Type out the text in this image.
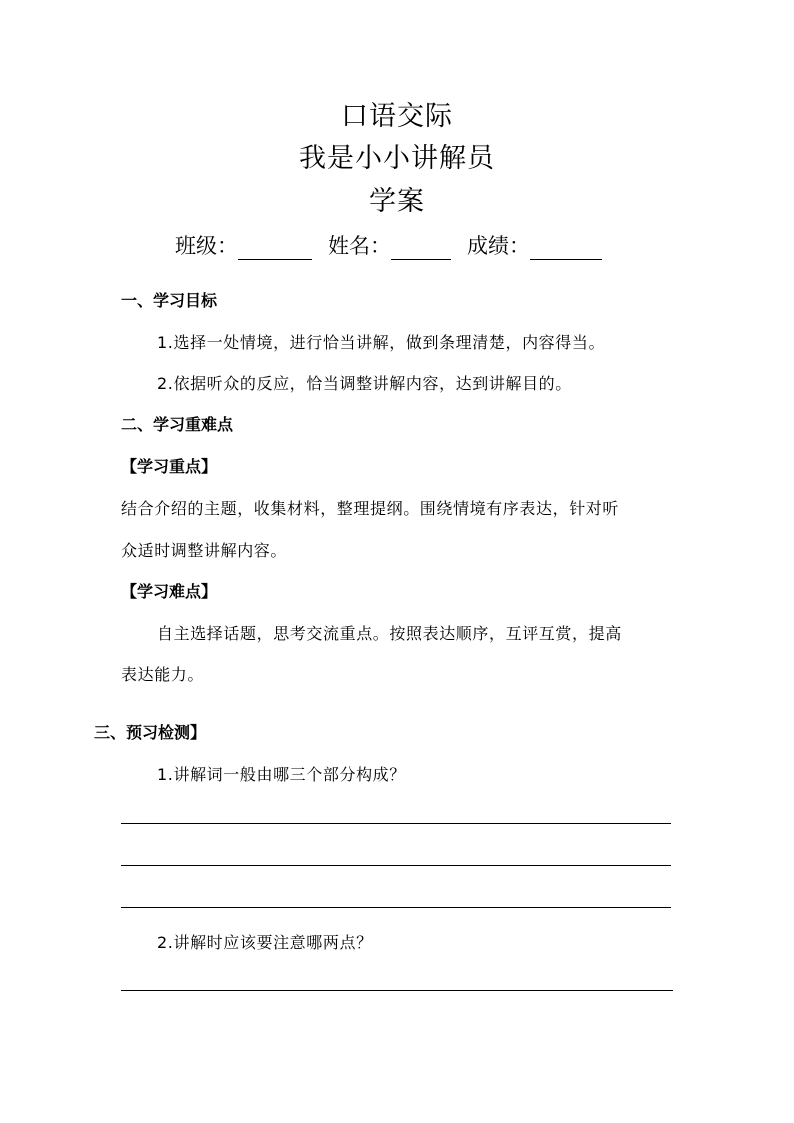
口语交际
我是小小讲解员
学案
班级：	姓名：	成绩：
一、学习目标
1.选择一处情境，进行恰当讲解，做到条理清楚，内容得当。
2.依据听众的反应，恰当调整讲解内容，达到讲解目的。
二、学习重难点
【学习重点】
结合介绍的主题，收集材料，整理提纲。围绕情境有序表达，针对听
众适时调整讲解内容。
【学习难点】
自主选择话题，思考交流重点。按照表达顺序，互评互赏，提高
表达能力。
三、预习检测】
1.讲解词一般由哪三个部分构成？
2.讲解时应该要注意哪两点？
